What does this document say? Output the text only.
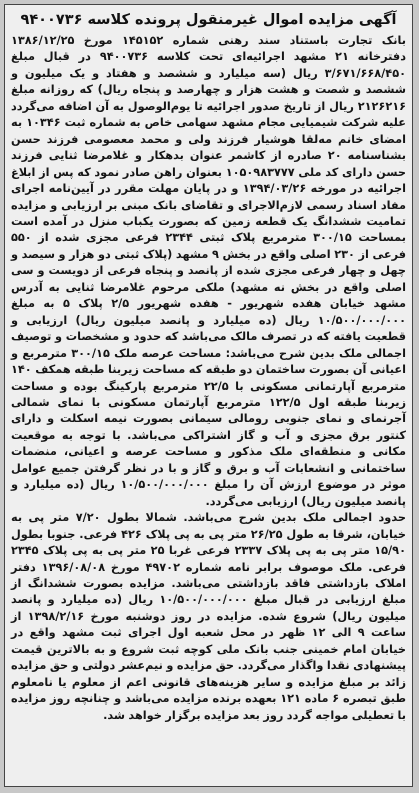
آگهی مزایده اموال غیرمنقول پرونده کلاسه ۹۴۰۰۷۳۶

بانک تجارت باستناد سند رهنی شماره ۱۴۵۱۵۲ مورخ ۱۳۸۶/۱۲/۲۵ دفترخانه ۲۱ مشهد اجرائیه‌ای تحت کلاسه ۹۴۰۰۷۳۶ در قبال مبلغ ۳/۶۷۱/۶۶۸/۴۵۰ ریال (سه میلیارد و ششصد و هفتاد و یک میلیون و ششصد و شصت و هشت هزار و چهارصد و پنجاه ریال) که روزانه مبلغ ۲۱۲۶۲۱۶ ریال از تاریخ صدور اجرائیه تا یوم‌الوصول به آن اضافه می‌گردد علیه شرکت شیمیایی مجام مشهد سهامی خاص به شماره ثبت ۱۰۳۴۶ به امضای خانم مه‌لقا هوشیار فرزند ولی و محمد معصومی فرزند حسن بشناسنامه ۲۰ صادره از کاشمر عنوان بدهکار و غلامرضا ثنایی فرزند حسن دارای کد ملی ۱۰۵۰۹۸۳۷۷۷ بعنوان راهن صادر نمود که پس از ابلاغ اجرائیه در مورخه ۱۳۹۴/۰۳/۲۶ و در پایان مهلت مقرر در آیین‌نامه اجرای مفاد اسناد رسمی لازم‌الاجرای و تقاضای بانک مبنی بر ارزیابی و مزایده تمامیت ششدانگ یک قطعه زمین که بصورت یکباب منزل در آمده است بمساحت ۳۰۰/۱۵ مترمربع پلاک ثبتی ۲۳۴۴ فرعی مجزی شده از ۵۵۰ فرعی از ۲۳۰ اصلی واقع در بخش ۹ مشهد (پلاک ثبتی دو هزار و سیصد و چهل و چهار فرعی مجزی شده از پانصد و پنجاه فرعی از دویست و سی اصلی واقع در بخش نه مشهد) ملکی مرحوم غلامرضا ثنایی به آدرس مشهد خیابان هفده شهریور - هفده شهریور ۲/۵ پلاک ۵ به مبلغ ۱۰/۵۰۰/۰۰۰/۰۰۰ ریال (ده میلیارد و پانصد میلیون ریال) ارزیابی و قطعیت یافته که در تصرف مالک می‌باشد که حدود و مشخصات و توصیف اجمالی ملک بدین شرح می‌باشد: مساحت عرصه ملک ۳۰۰/۱۵ مترمربع و اعیانی آن بصورت ساختمان دو طبقه که مساحت زیربنا طبقه همکف ۱۴۰ مترمربع آپارتمانی مسکونی با ۲۲/۵ مترمربع پارکینگ بوده و مساحت زیربنا طبقه اول ۱۲۲/۵ مترمربع آپارتمان مسکونی با نمای شمالی آجرنمای و نمای جنوبی رومالی سیمانی بصورت نیمه اسکلت و دارای کنتور برق مجزی و آب و گاز اشتراکی می‌باشد. با توجه به موقعیت مکانی و منطقه‌ای ملک مذکور و مساحت عرصه و اعیانی، منضمات ساختمانی و انشعابات آب و برق و گاز و با در نظر گرفتن جمیع عوامل موثر در موضوع ارزش آن را مبلغ ۱۰/۵۰۰/۰۰۰/۰۰۰ ریال (ده میلیارد و پانصد میلیون ریال) ارزیابی می‌گردد.

حدود اجمالی ملک بدین شرح می‌باشد. شمالا بطول ۷/۲۰ متر پی به خیابان، شرقا به طول ۲۶/۲۵ متر پی به پی پلاک ۴۲۶ فرعی. جنوبا بطول ۱۵/۹۰ متر پی به پی پلاک ۲۳۳۷ فرعی غربا ۲۵ متر پی به پی پلاک ۲۳۴۵ فرعی. ملک موصوف برابر نامه شماره ۴۹۷۰۲ مورخ ۱۳۹۶/۰۸/۰۸ دفتر املاک بازداشتی فاقد بازداشتی می‌باشد. مزایده بصورت ششدانگ از مبلغ ارزیابی در قبال مبلغ ۱۰/۵۰۰/۰۰۰/۰۰۰ ریال (ده میلیارد و پانصد میلیون ریال) شروع شده. مزایده در روز دوشنبه مورخ ۱۳۹۸/۲/۱۶ از ساعت ۹ الی ۱۲ ظهر در محل شعبه اول اجرای ثبت مشهد واقع در خیابان امام خمینی جنب بانک ملی کوچه ثبت شروع و به بالاترین قیمت پیشنهادی نقدا واگذار می‌گردد. حق مزایده و نیم‌عشر دولتی و حق مزایده زائد بر مبلغ مزایده و سایر هزینه‌های قانونی اعم از معلوم یا نامعلوم طبق تبصره ۶ ماده ۱۲۱ بعهده برنده مزایده می‌باشد و چنانچه روز مزایده با تعطیلی مواجه گردد روز بعد مزایده برگزار خواهد شد.
